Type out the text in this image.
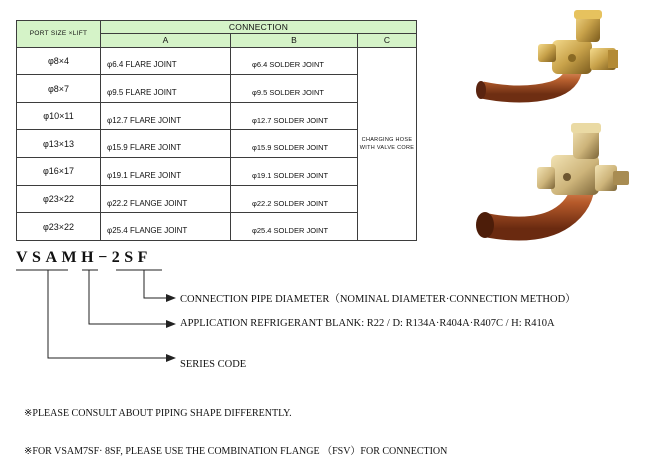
PORT SIZE ×LIFT	CONNECTION		
	A	B	C
φ8×4	φ6.4 FLARE JOINT	φ6.4 SOLDER JOINT	CHARGING HOSE
WITH VALVE CORE
φ8×7	φ9.5 FLARE JOINT	φ9.5 SOLDER JOINT	
φ10×11	φ12.7 FLARE JOINT	φ12.7 SOLDER JOINT	
φ13×13	φ15.9 FLARE JOINT	φ15.9 SOLDER JOINT	
φ16×17	φ19.1 FLARE JOINT	φ19.1 SOLDER JOINT	
φ23×22	φ22.2 FLANGE JOINT	φ22.2 SOLDER JOINT	
φ23×22	φ25.4 FLANGE JOINT	φ25.4 SOLDER JOINT	

VSAMH−2SF

CONNECTION PIPE DIAMETER（NOMINAL DIAMETER·CONNECTION METHOD）
APPLICATION REFRIGERANT BLANK: R22 / D: R134A·R404A·R407C / H: R410A
SERIES CODE
※PLEASE CONSULT ABOUT PIPING SHAPE DIFFERENTLY.
※FOR VSAM7SF· 8SF, PLEASE USE THE COMBINATION FLANGE （FSV）FOR CONNECTION
